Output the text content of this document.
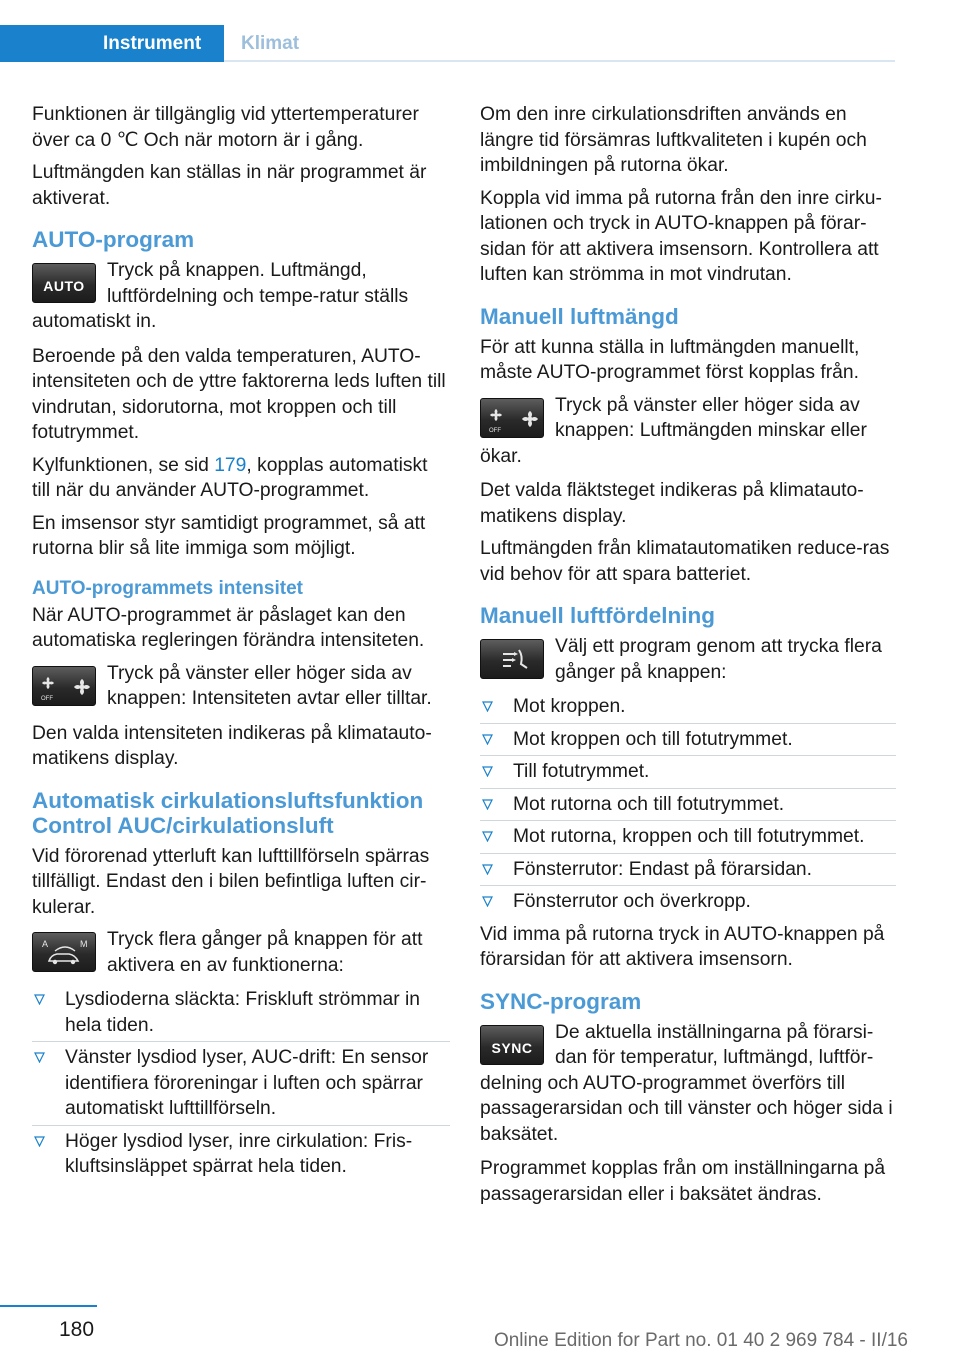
Instrument	Klimat

Funktionen är tillgänglig vid yttertemperaturer över ca 0 ℃ Och när motorn är i gång.

Luftmängden kan ställas in när programmet är aktiverat.

AUTO-program
AUTO
Tryck på knappen. Luftmängd, luftfördelning och tempe-ratur ställs automatiskt in.

Beroende på den valda temperaturen, AUTO-intensiteten och de yttre faktorerna leds luften till vindrutan, sidorutorna, mot kroppen och till fotutrymmet.

Kylfunktionen, se sid 179, kopplas automatiskt till när du använder AUTO-programmet.

En imsensor styr samtidigt programmet, så att rutorna blir så lite immiga som möjligt.

AUTO-programmets intensitet

När AUTO-programmet är påslaget kan den automatiska regleringen förändra intensiteten.

OFF
Tryck på vänster eller höger sida av knappen: Intensiteten avtar eller tilltar.

Den valda intensiteten indikeras på klimatauto-matikens display.

Automatisk cirkulationsluftsfunktion Control AUC/cirkulationsluft

Vid förorenad ytterluft kan lufttillförseln spärras tillfälligt. Endast den i bilen befintliga luften cir-kulerar.

A	M Tryck flera gånger på knappen för att aktivera en av funktionerna:
Lysdioderna släckta: Friskluft strömmar in hela tiden.
Vänster lysdiod lyser, AUC-drift: En sensor identifiera föroreningar i luften och spärrar automatiskt lufttillförseln.
Höger lysdiod lyser, inre cirkulation: Fris-kluftsinsläppet spärrat hela tiden.

Om den inre cirkulationsdriften används en längre tid försämras luftkvaliteten i kupén och imbildningen på rutorna ökar.

Koppla vid imma på rutorna från den inre cirku-lationen och tryck in AUTO-knappen på förar-sidan för att aktivera imsensorn. Kontrollera att luften kan strömma in mot vindrutan.

Manuell luftmängd

För att kunna ställa in luftmängden manuellt, måste AUTO-programmet först kopplas från.

OFF
Tryck på vänster eller höger sida av knappen: Luftmängden minskar eller ökar.

Det valda fläktsteget indikeras på klimatauto-matikens display.

Luftmängden från klimatautomatiken reduce-ras vid behov för att spara batteriet.

Manuell luftfördelning
Välj ett program genom att trycka flera gånger på knappen:
Mot kroppen.
Mot kroppen och till fotutrymmet.
Till fotutrymmet.
Mot rutorna och till fotutrymmet.
Mot rutorna, kroppen och till fotutrymmet.
Fönsterrutor: Endast på förarsidan.
Fönsterrutor och överkropp.

Vid imma på rutorna tryck in AUTO-knappen på förarsidan för att aktivera imsensorn.

SYNC-program
SYNC
De aktuella inställningarna på förarsi-dan för temperatur, luftmängd, luftför-delning och AUTO-programmet överförs till passagerarsidan och till vänster och höger sida i baksätet.

Programmet kopplas från om inställningarna på passagerarsidan eller i baksätet ändras.

180	Online Edition for Part no. 01 40 2 969 784 - II/16
